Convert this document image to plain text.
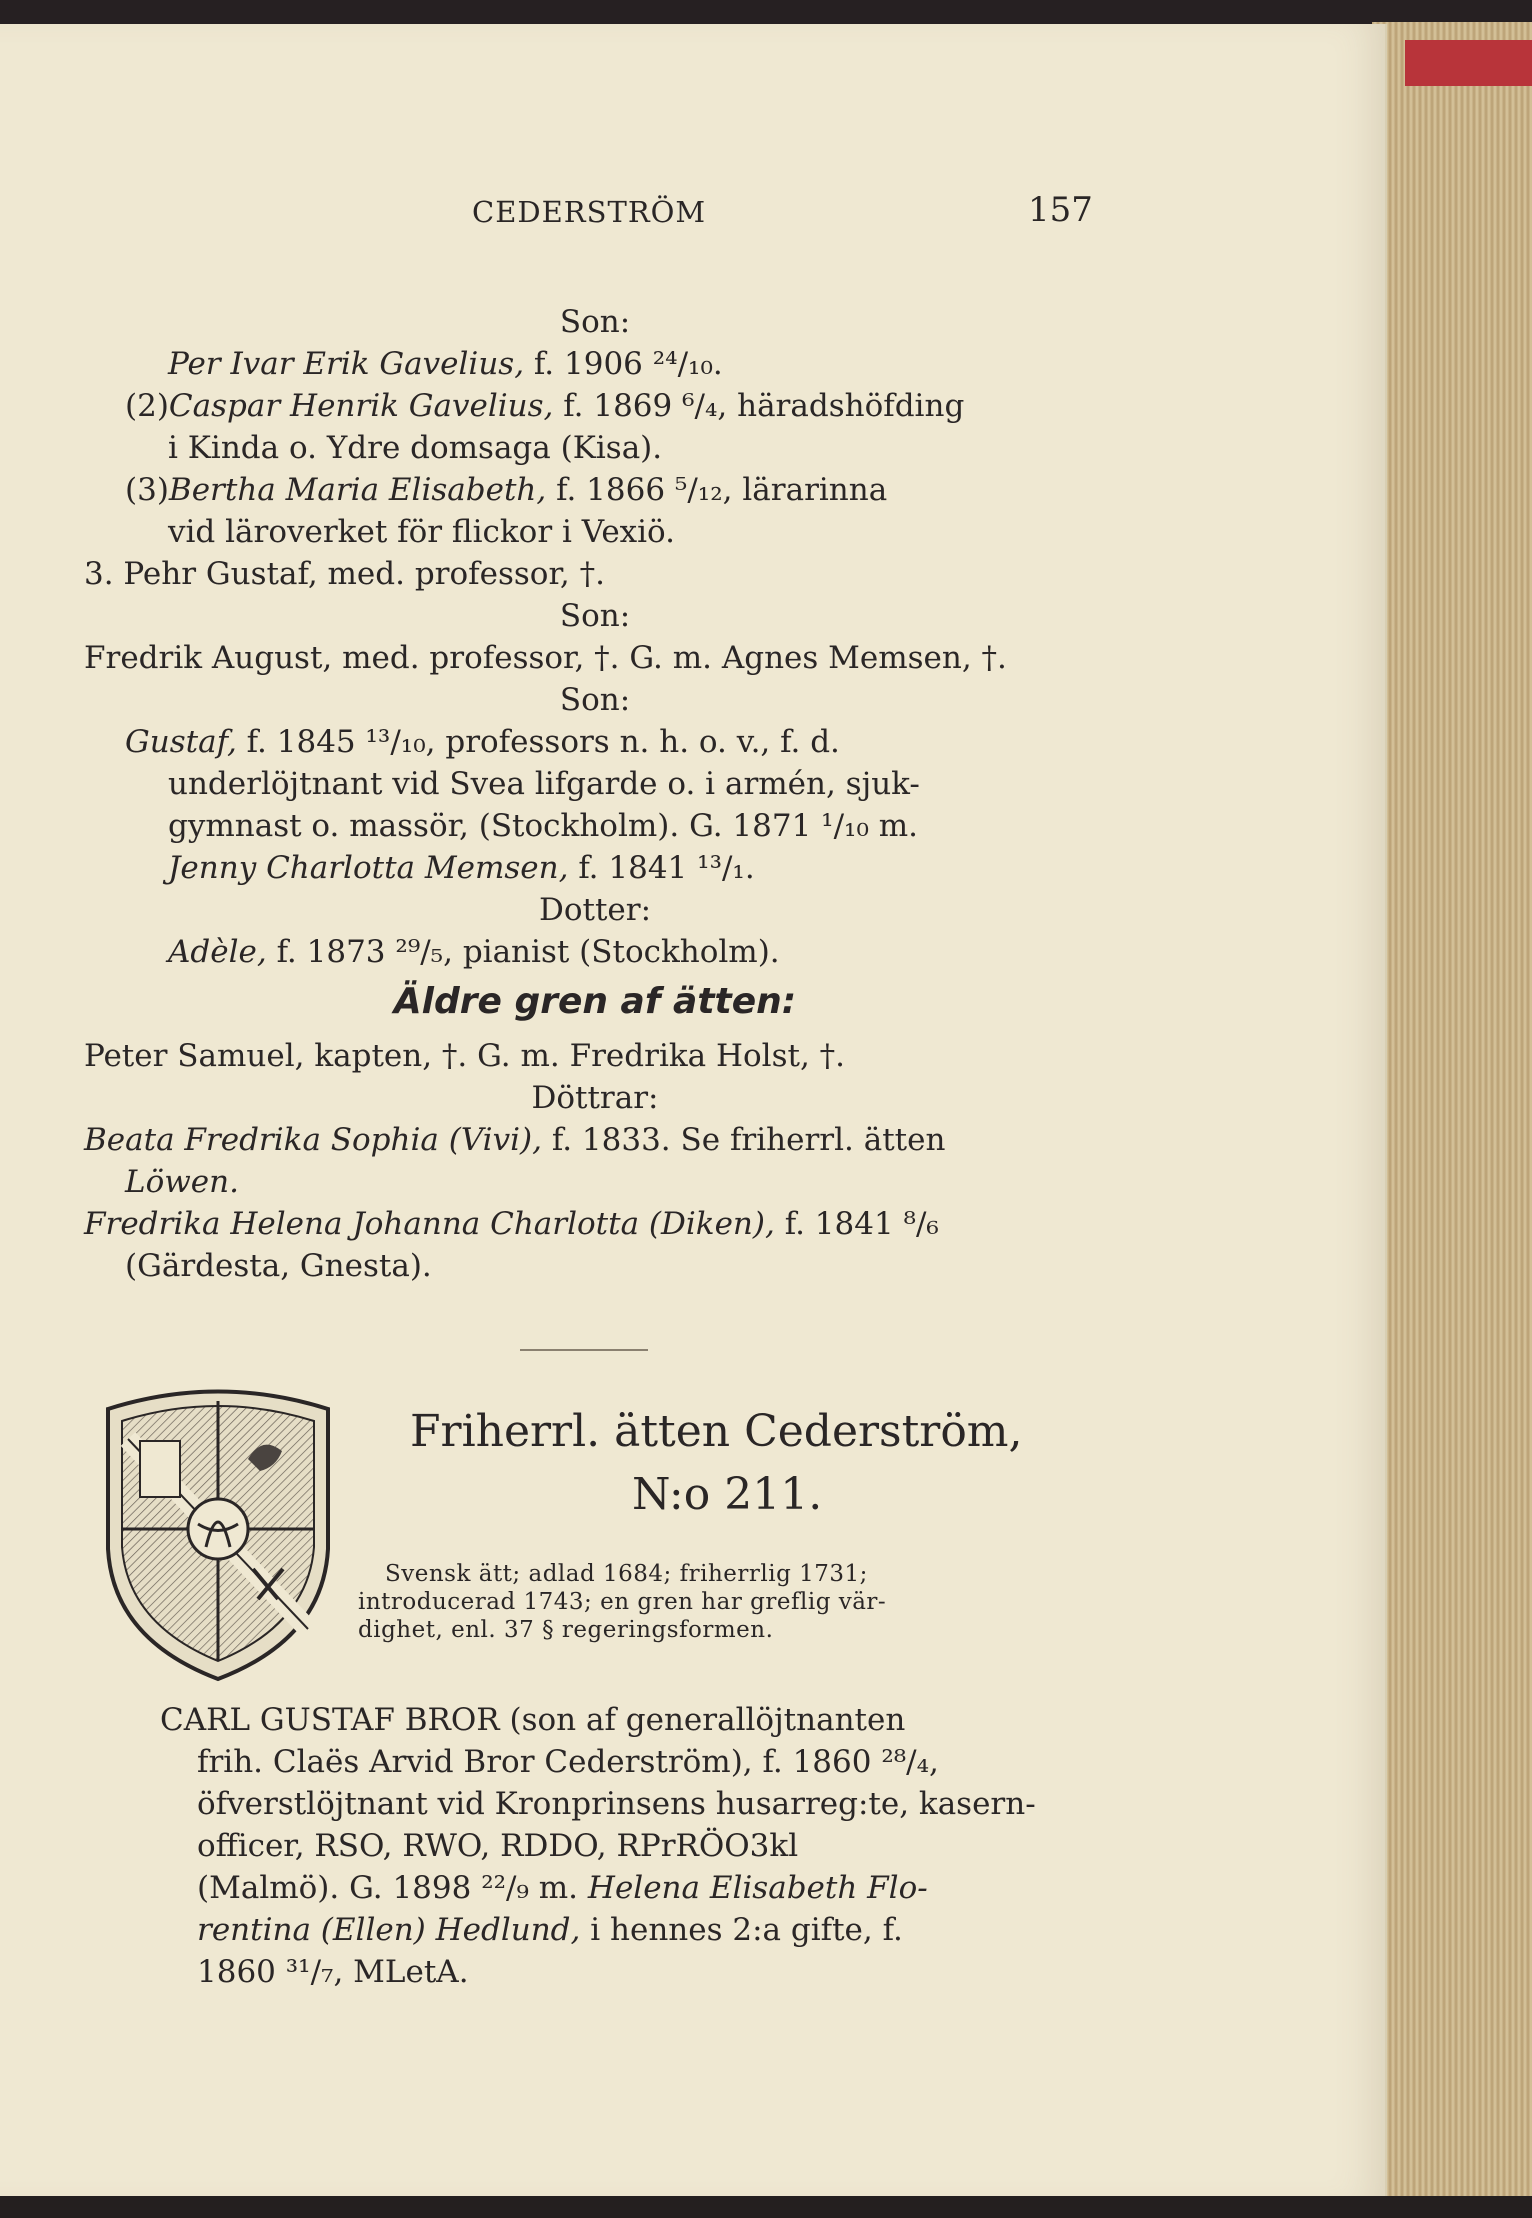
CEDERSTRÖM	157

Son:

Per Ivar Erik Gavelius, f. 1906 ²⁴/₁₀.

(2)Caspar Henrik Gavelius, f. 1869 ⁶/₄, häradshöfding

i Kinda o. Ydre domsaga (Kisa).

(3)Bertha Maria Elisabeth, f. 1866 ⁵/₁₂, lärarinna

vid läroverket för flickor i Vexiö.

3. Pehr Gustaf, med. professor, †.

Son:

Fredrik August, med. professor, †. G. m. Agnes Memsen, †.

Son:

Gustaf, f. 1845 ¹³/₁₀, professors n. h. o. v., f. d.

underlöjtnant vid Svea lifgarde o. i armén, sjuk-

gymnast o. massör, (Stockholm). G. 1871 ¹/₁₀ m.

Jenny Charlotta Memsen, f. 1841 ¹³/₁.

Dotter:

Adèle, f. 1873 ²⁹/₅, pianist (Stockholm).

Äldre gren af ätten:

Peter Samuel, kapten, †. G. m. Fredrika Holst, †.

Döttrar:

Beata Fredrika Sophia (Vivi), f. 1833. Se friherrl. ätten

Löwen.

Fredrika Helena Johanna Charlotta (Diken), f. 1841 ⁸/₆

(Gärdesta, Gnesta).

Friherrl. ätten Cederström,

N:o 211.

Svensk ätt; adlad 1684; friherrlig 1731;

introducerad 1743; en gren har greflig vär-

dighet, enl. 37 § regeringsformen.

CARL GUSTAF BROR (son af generallöjtnanten

frih. Claës Arvid Bror Cederström), f. 1860 ²⁸/₄,

öfverstlöjtnant vid Kronprinsens husarreg:te, kasern-

officer, RSO, RWO, RDDO, RPrRÖO3kl

(Malmö). G. 1898 ²²/₉ m. Helena Elisabeth Flo-

rentina (Ellen) Hedlund, i hennes 2:a gifte, f.

1860 ³¹/₇, MLetA.
